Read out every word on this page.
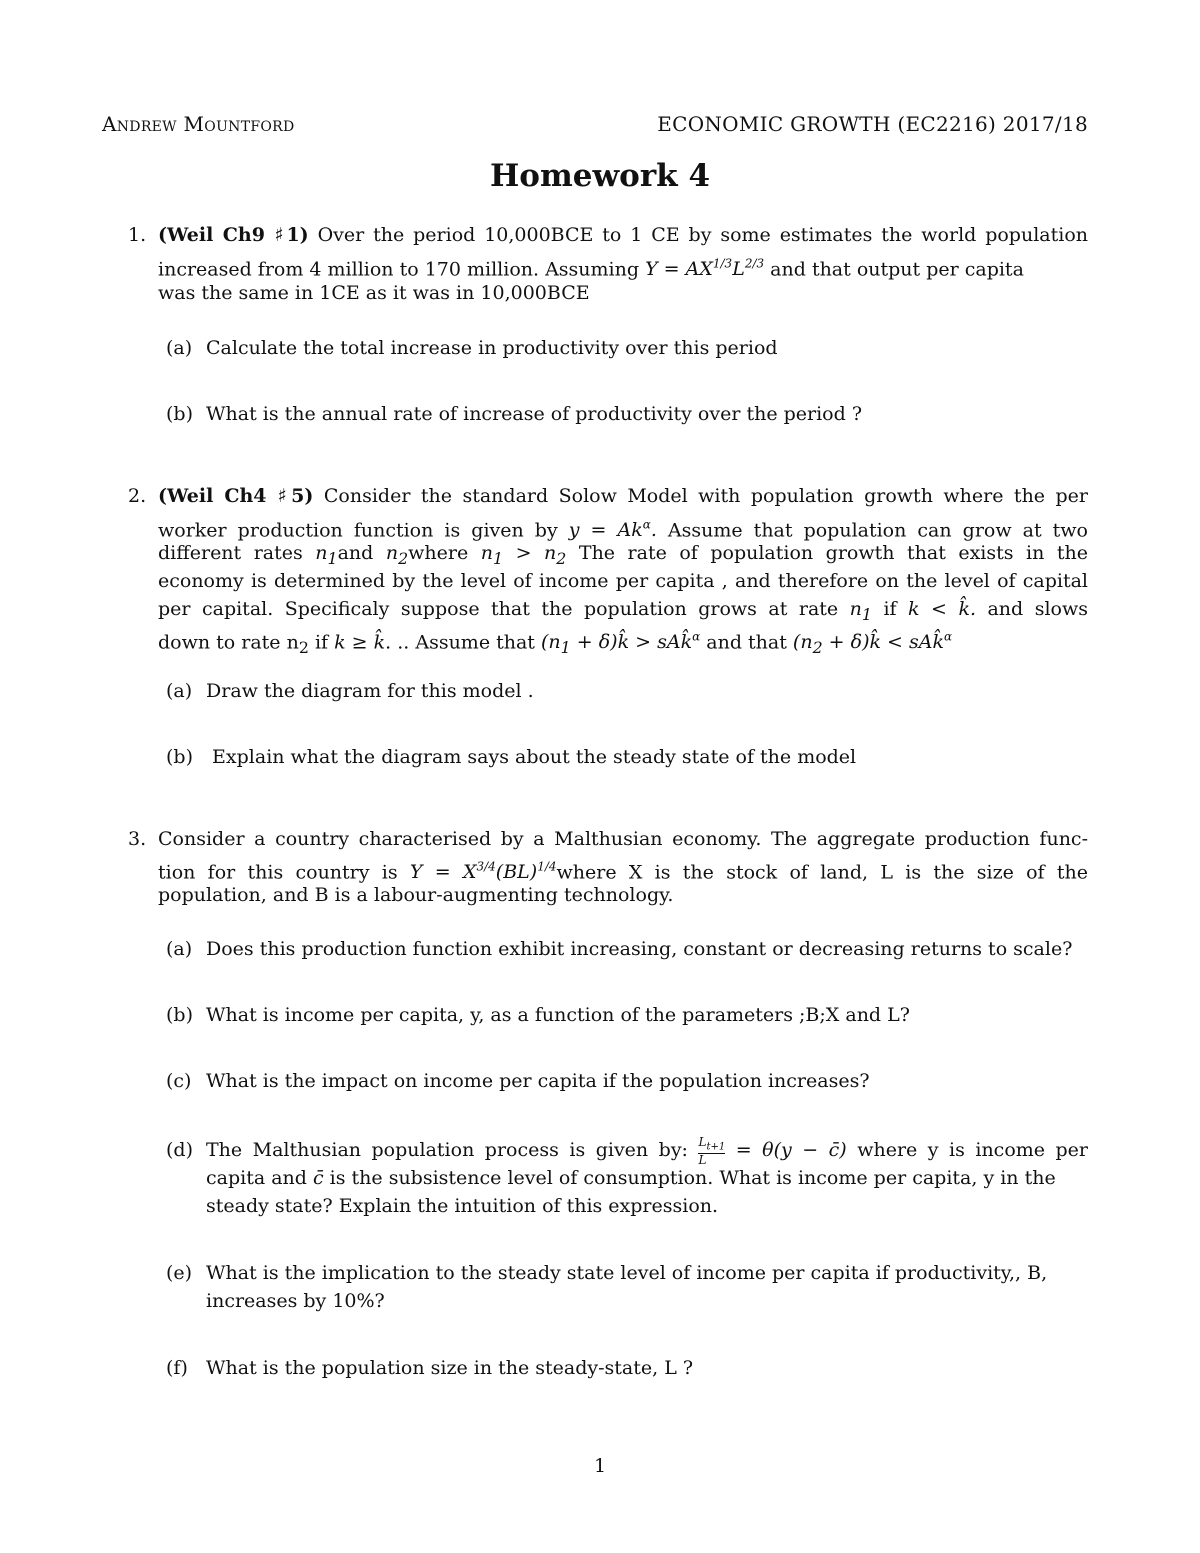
Andrew Mountford	ECONOMIC GROWTH (EC2216) 2017/18
Homework 4
1. (Weil Ch9 ♯1) Over the period 10,000BCE to 1 CE by some estimates the world population
increased from 4 million to 170 million. Assuming $Y = AX^{1/3}L^{2/3}$ and that output per capita
was the same in 1CE as it was in 10,000BCE
(a) Calculate the total increase in productivity over this period
(b) What is the annual rate of increase of productivity over the period ?
2. (Weil Ch4 ♯5) Consider the standard Solow Model with population growth where the per
worker production function is given by $y = Ak^\alpha$. Assume that population can grow at two
different rates $n_1and$ $n_2where$ $n_1 > n_2$ The rate of population growth that exists in the
economy is determined by the level of income per capita , and therefore on the level of capital
per capital. Specificaly suppose that the population grows at rate $n_1$ if k < k̂. and slows
down to rate $n_2$ if k ≥ k̂. .. Assume that ($n_1$ + δ)k̂ > sAk̂$^\alpha$ and that ($n_2$ + δ)k̂ < sAk̂$^\alpha$
(a) Draw the diagram for this model .
(b) Explain what the diagram says about the steady state of the model
3. Consider a country characterised by a Malthusian economy. The aggregate production func-
tion for this country is $Y = X^{3/4}(BL)^{1/4}where$ X is the stock of land, L is the size of the
population, and B is a labour-augmenting technology.
(a) Does this production function exhibit increasing, constant or decreasing returns to scale?
(b) What is income per capita, y, as a function of the parameters ;B;X and L?
(c) What is the impact on income per capita if the population increases?
(d) The Malthusian population process is given by: $\frac{L_{t+1}}{L} = \theta(y$ − c̄) where y is income per
capita and c̄ is the subsistence level of consumption. What is income per capita, y in the
steady state? Explain the intuition of this expression.
(e) What is the implication to the steady state level of income per capita if productivity,, B,
increases by 10%?
(f) What is the population size in the steady-state, L ?
1
